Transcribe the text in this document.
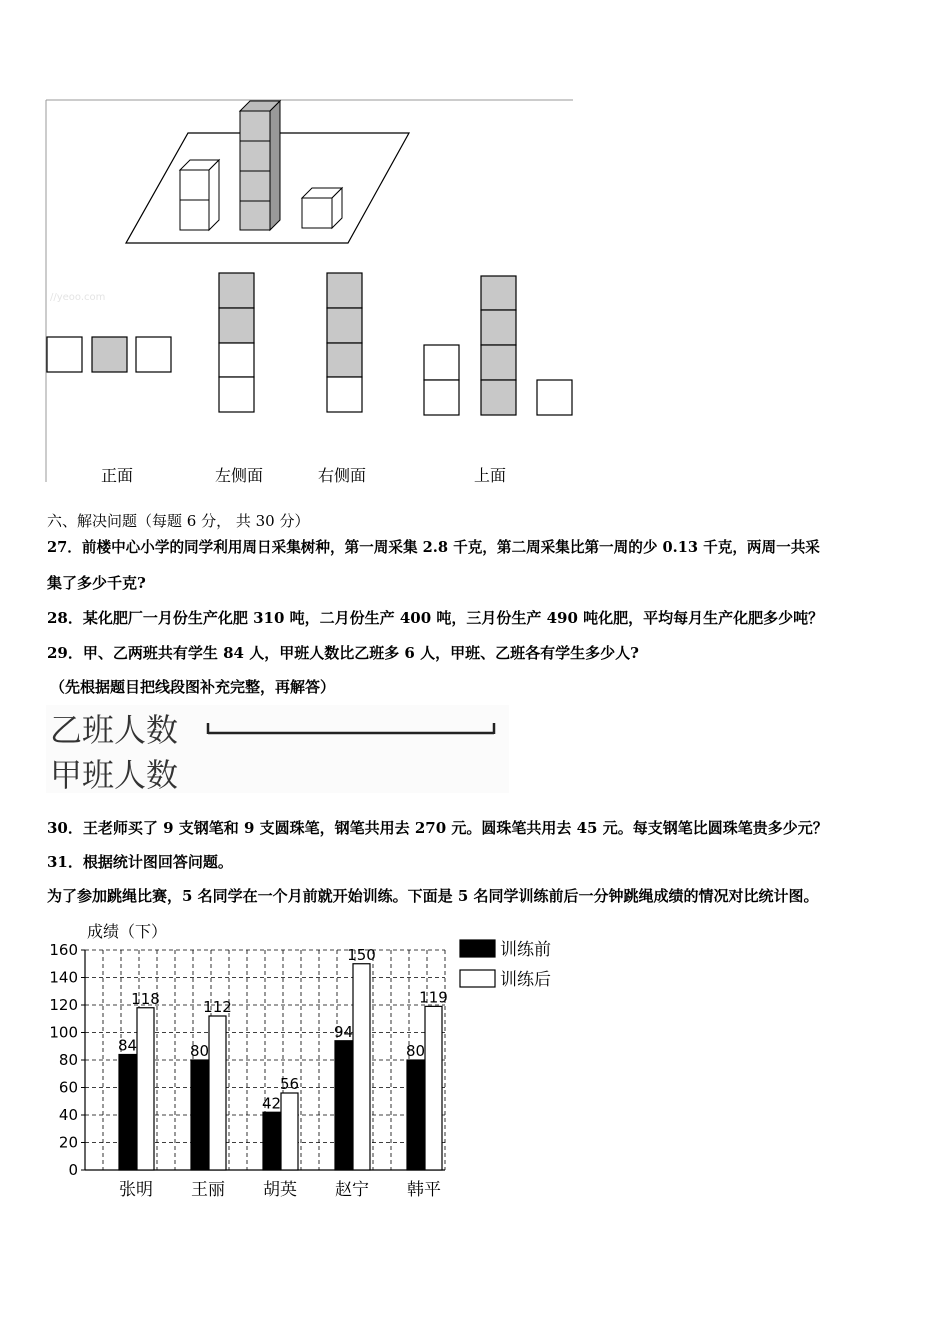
//yeoo.com
正面	左侧面	右侧面	上面
六、解决问题（每题 6 分， 共 30 分）
27．前楼中心小学的同学利用周日采集树种，第一周采集 2.8 千克，第二周采集比第一周的少 0.13 千克，两周一共采
集了多少千克?
28．某化肥厂一月份生产化肥 310 吨，二月份生产 400 吨，三月份生产 490 吨化肥，平均每月生产化肥多少吨？
29．甲、乙两班共有学生 84 人，甲班人数比乙班多 6 人，甲班、乙班各有学生多少人?
（先根据题目把线段图补充完整，再解答）
乙班人数
甲班人数
30．王老师买了 9 支钢笔和 9 支圆珠笔，钢笔共用去 270 元。圆珠笔共用去 45 元。每支钢笔比圆珠笔贵多少元？
31．根据统计图回答问题。
为了参加跳绳比赛，5 名同学在一个月前就开始训练。下面是 5 名同学训练前后一分钟跳绳成绩的情况对比统计图。
0
20
40
60
80
100
120
140
160
张明 王丽 胡英 赵宁 韩平
84
118
80
112
42
56
94
150
80
119
成绩（下）
训练前
训练后
